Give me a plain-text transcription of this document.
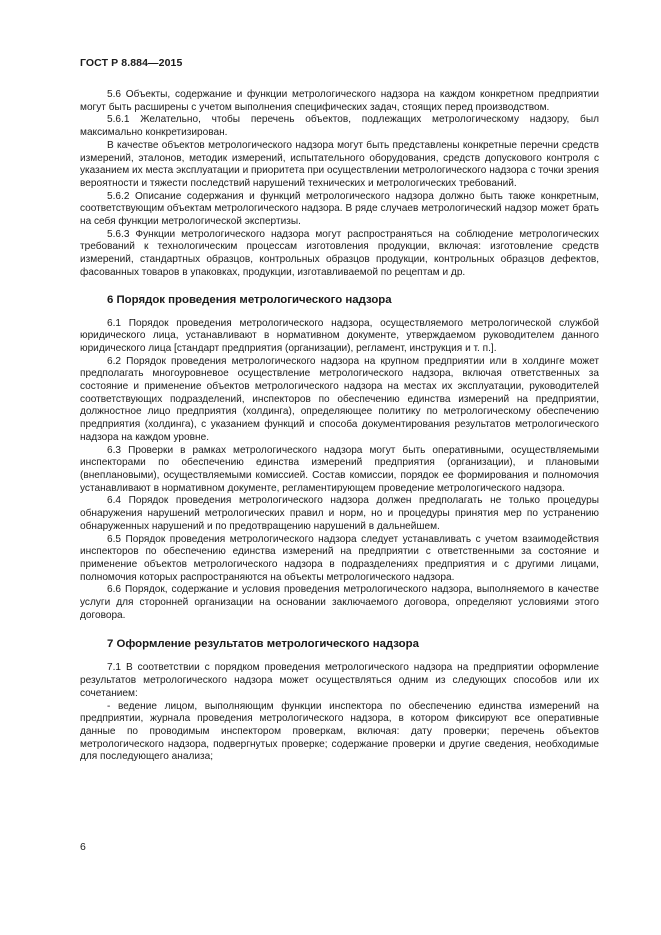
ГОСТ Р 8.884—2015

5.6 Объекты, содержание и функции метрологического надзора на каждом конкретном предприятии могут быть расширены с учетом выполнения специфических задач, стоящих перед производством.

5.6.1 Желательно, чтобы перечень объектов, подлежащих метрологическому надзору, был максимально конкретизирован.

В качестве объектов метрологического надзора могут быть представлены конкретные перечни средств измерений, эталонов, методик измерений, испытательного оборудования, средств допускового контроля с указанием их места эксплуатации и приоритета при осуществлении метрологического надзора с точки зрения вероятности и тяжести последствий нарушений технических и метрологических требований.

5.6.2 Описание содержания и функций метрологического надзора должно быть также конкретным, соответствующим объектам метрологического надзора. В ряде случаев метрологический надзор может брать на себя функции метрологической экспертизы.

5.6.3 Функции метрологического надзора могут распространяться на соблюдение метрологических требований к технологическим процессам изготовления продукции, включая: изготовление средств измерений, стандартных образцов, контрольных образцов продукции, контрольных образцов дефектов, фасованных товаров в упаковках, продукции, изготавливаемой по рецептам и др.

6 Порядок проведения метрологического надзора

6.1 Порядок проведения метрологического надзора, осуществляемого метрологической службой юридического лица, устанавливают в нормативном документе, утверждаемом руководителем данного юридического лица [стандарт предприятия (организации), регламент, инструкция и т. п.].

6.2 Порядок проведения метрологического надзора на крупном предприятии или в холдинге может предполагать многоуровневое осуществление метрологического надзора, включая ответственных за состояние и применение объектов метрологического надзора на местах их эксплуатации, руководителей соответствующих подразделений, инспекторов по обеспечению единства измерений на предприятии, должностное лицо предприятия (холдинга), определяющее политику по метрологическому обеспечению предприятия (холдинга), с указанием функций и способа документирования результатов метрологического надзора на каждом уровне.

6.3 Проверки в рамках метрологического надзора могут быть оперативными, осуществляемыми инспекторами по обеспечению единства измерений предприятия (организации), и плановыми (внеплановыми), осуществляемыми комиссией. Состав комиссии, порядок ее формирования и полномочия устанавливают в нормативном документе, регламентирующем проведение метрологического надзора.

6.4 Порядок проведения метрологического надзора должен предполагать не только процедуры обнаружения нарушений метрологических правил и норм, но и процедуры принятия мер по устранению обнаруженных нарушений и по предотвращению нарушений в дальнейшем.

6.5 Порядок проведения метрологического надзора следует устанавливать с учетом взаимодействия инспекторов по обеспечению единства измерений на предприятии с ответственными за состояние и применение объектов метрологического надзора в подразделениях предприятия и с другими лицами, полномочия которых распространяются на объекты метрологического надзора.

6.6 Порядок, содержание и условия проведения метрологического надзора, выполняемого в качестве услуги для сторонней организации на основании заключаемого договора, определяют условиями этого договора.

7 Оформление результатов метрологического надзора

7.1 В соответствии с порядком проведения метрологического надзора на предприятии оформление результатов метрологического надзора может осуществляться одним из следующих способов или их сочетанием:

- ведение лицом, выполняющим функции инспектора по обеспечению единства измерений на предприятии, журнала проведения метрологического надзора, в котором фиксируют все оперативные данные по проводимым инспектором проверкам, включая: дату проверки; перечень объектов метрологического надзора, подвергнутых проверке; содержание проверки и другие сведения, необходимые для последующего анализа;

6
